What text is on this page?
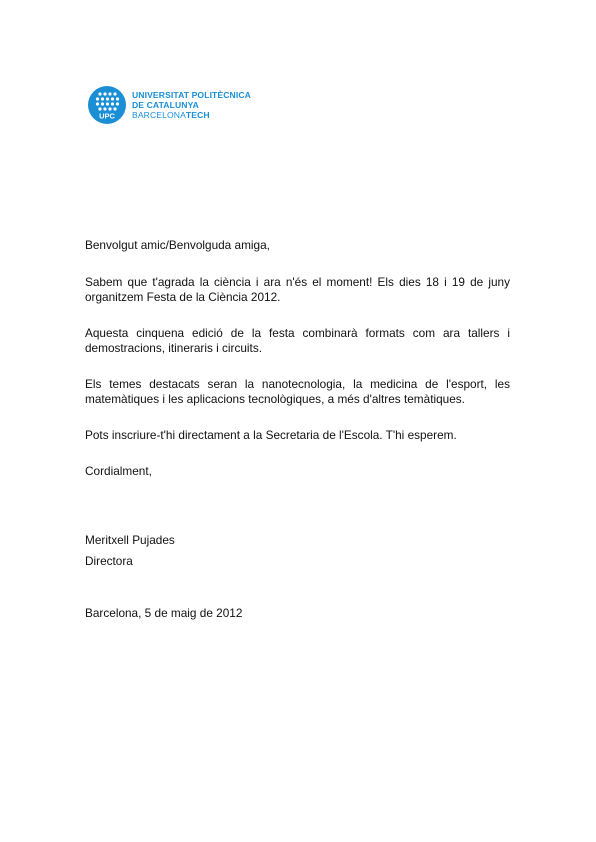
UPC
UNIVERSITAT POLITÈCNICA
DE CATALUNYA
BARCELONATECH

Benvolgut amic/Benvolguda amiga,

Sabem que t'agrada la ciència i ara n'és el moment! Els dies 18 i 19 de juny organitzem Festa de la Ciència 2012.

Aquesta cinquena edició de la festa combinarà formats com ara tallers i demostracions, itineraris i circuits.

Els temes destacats seran la nanotecnologia, la medicina de l'esport, les matemàtiques i les aplicacions tecnològiques, a més d'altres temàtiques.

Pots inscriure-t'hi directament a la Secretaria de l'Escola. T'hi esperem.

Cordialment,

Meritxell Pujades

Directora

Barcelona, 5 de maig de 2012
